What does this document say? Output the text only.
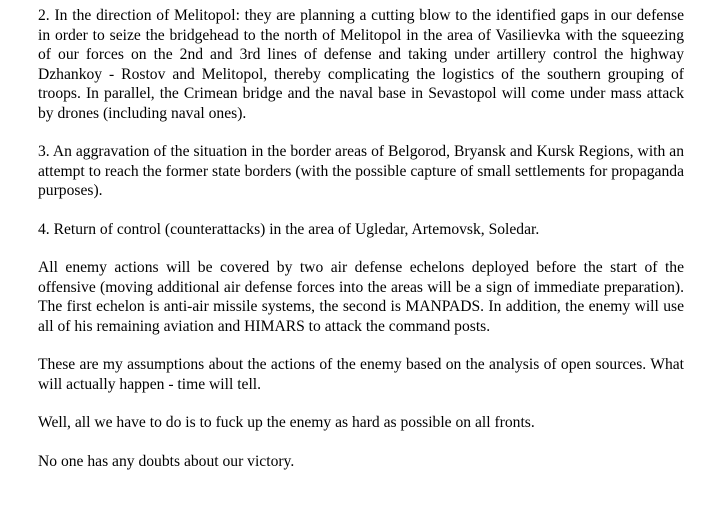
2. In the direction of Melitopol: they are planning a cutting blow to the identified gaps in our defense in order to seize the bridgehead to the north of Melitopol in the area of Vasilievka with the squeezing of our forces on the 2nd and 3rd lines of defense and taking under artillery control the highway Dzhankoy - Rostov and Melitopol, thereby complicating the logistics of the southern grouping of troops. In parallel, the Crimean bridge and the naval base in Sevastopol will come under mass attack by drones (including naval ones).

3. An aggravation of the situation in the border areas of Belgorod, Bryansk and Kursk Regions, with an attempt to reach the former state borders (with the possible capture of small settlements for propaganda purposes).

4. Return of control (counterattacks) in the area of Ugledar, Artemovsk, Soledar.

All enemy actions will be covered by two air defense echelons deployed before the start of the offensive (moving additional air defense forces into the areas will be a sign of immediate preparation). The first echelon is anti-air missile systems, the second is MANPADS. In addition, the enemy will use all of his remaining aviation and HIMARS to attack the command posts.

These are my assumptions about the actions of the enemy based on the analysis of open sources. What will actually happen - time will tell.

Well, all we have to do is to fuck up the enemy as hard as possible on all fronts.

No one has any doubts about our victory.
